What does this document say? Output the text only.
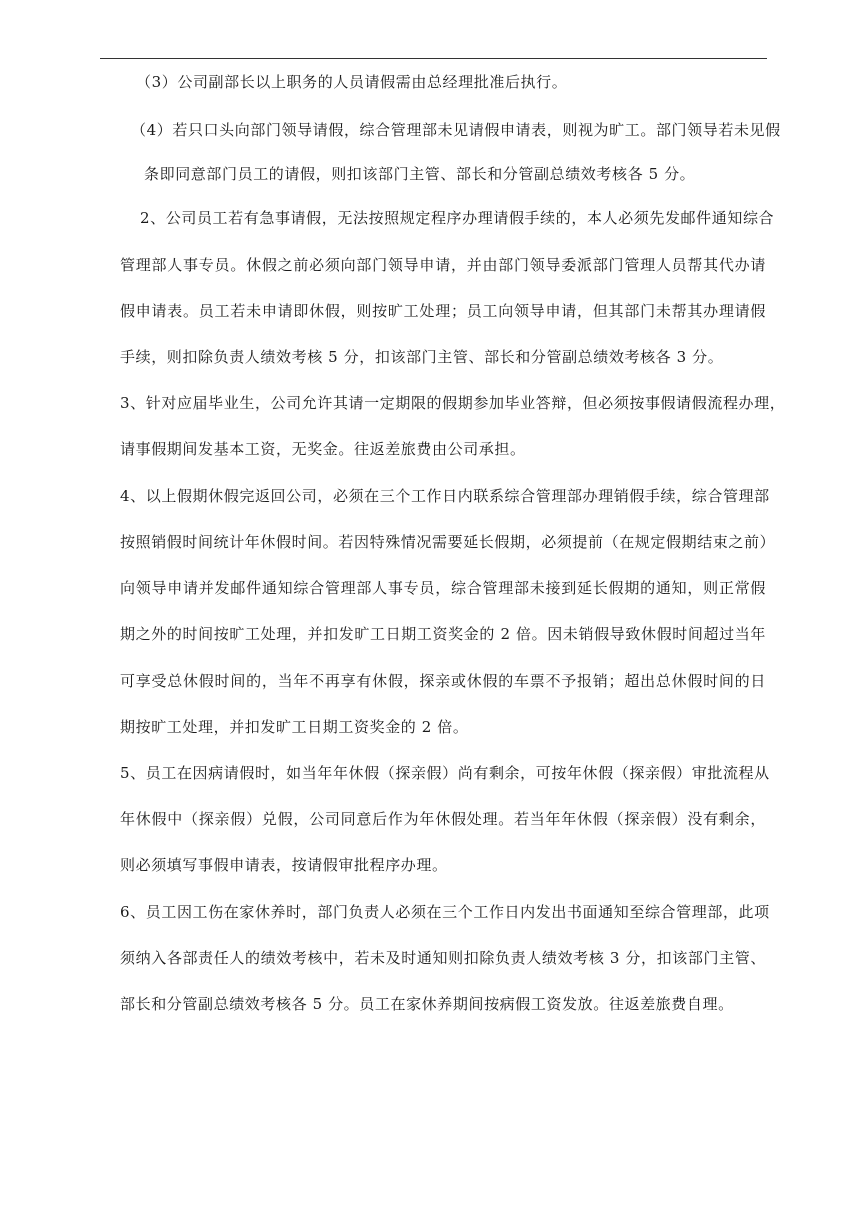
（3）公司副部长以上职务的人员请假需由总经理批准后执行。
（4）若只口头向部门领导请假，综合管理部未见请假申请表，则视为旷工。部门领导若未见假
条即同意部门员工的请假，则扣该部门主管、部长和分管副总绩效考核各 5 分。
2、公司员工若有急事请假，无法按照规定程序办理请假手续的，本人必须先发邮件通知综合
管理部人事专员。休假之前必须向部门领导申请，并由部门领导委派部门管理人员帮其代办请
假申请表。员工若未申请即休假，则按旷工处理；员工向领导申请，但其部门未帮其办理请假
手续，则扣除负责人绩效考核 5 分，扣该部门主管、部长和分管副总绩效考核各 3 分。
3、针对应届毕业生，公司允许其请一定期限的假期参加毕业答辩，但必须按事假请假流程办理，
请事假期间发基本工资，无奖金。往返差旅费由公司承担。
4、以上假期休假完返回公司，必须在三个工作日内联系综合管理部办理销假手续，综合管理部
按照销假时间统计年休假时间。若因特殊情况需要延长假期，必须提前（在规定假期结束之前）
向领导申请并发邮件通知综合管理部人事专员，综合管理部未接到延长假期的通知，则正常假
期之外的时间按旷工处理，并扣发旷工日期工资奖金的 2 倍。因未销假导致休假时间超过当年
可享受总休假时间的，当年不再享有休假，探亲或休假的车票不予报销；超出总休假时间的日
期按旷工处理，并扣发旷工日期工资奖金的 2 倍。
5、员工在因病请假时，如当年年休假（探亲假）尚有剩余，可按年休假（探亲假）审批流程从
年休假中（探亲假）兑假，公司同意后作为年休假处理。若当年年休假（探亲假）没有剩余，
则必须填写事假申请表，按请假审批程序办理。
6、员工因工伤在家休养时，部门负责人必须在三个工作日内发出书面通知至综合管理部，此项
须纳入各部责任人的绩效考核中，若未及时通知则扣除负责人绩效考核 3 分，扣该部门主管、
部长和分管副总绩效考核各 5 分。员工在家休养期间按病假工资发放。往返差旅费自理。
